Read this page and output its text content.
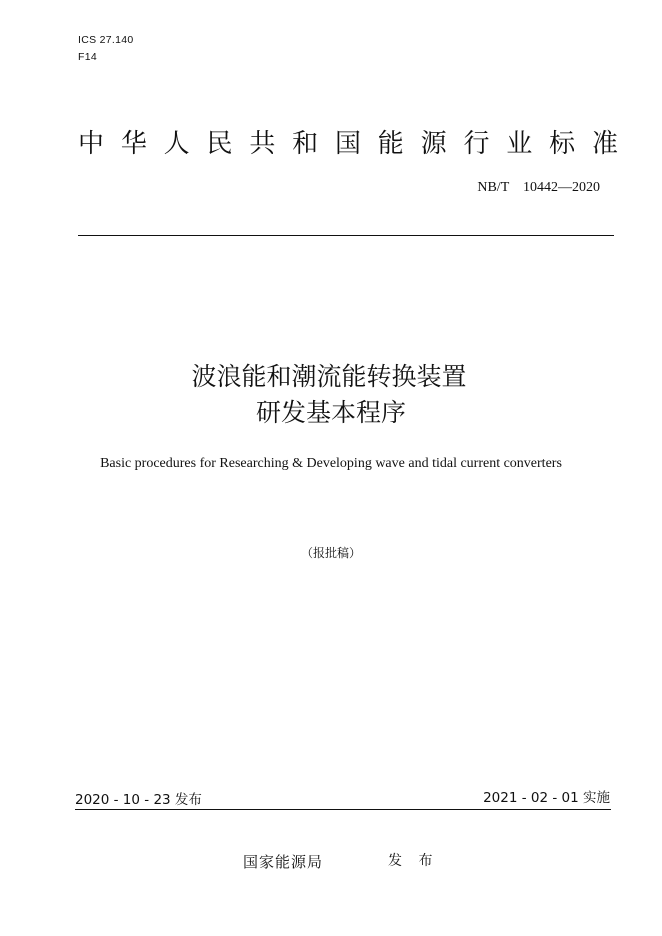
ICS 27.140
F14
中 华 人 民 共 和 国 能 源 行 业 标 准
NB/T    10442—2020
波浪能和潮流能转换装置
研发基本程序
Basic procedures for Researching & Developing wave and tidal current converters
（报批稿）
2020 - 10 - 23 发布	2021 - 02 - 01 实施
国家能源局	发 布
